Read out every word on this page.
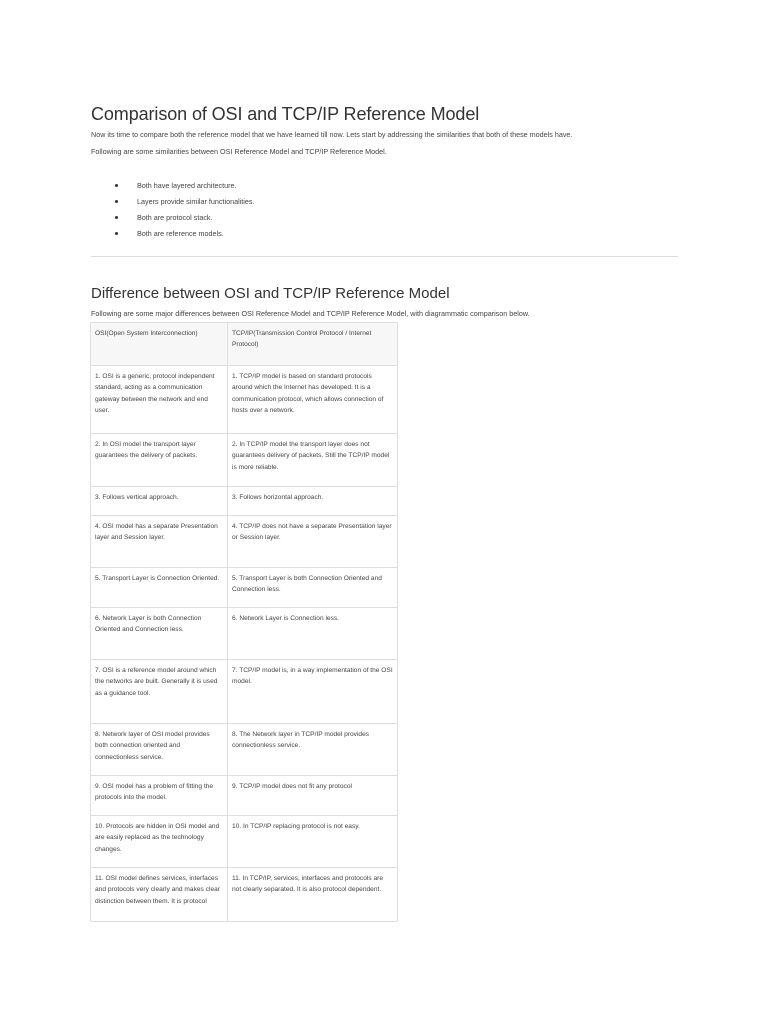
Comparison of OSI and TCP/IP Reference Model

Now its time to compare both the reference model that we have learned till now. Lets start by addressing the similarities that both of these models have.

Following are some similarities between OSI Reference Model and TCP/IP Reference Model.

Both have layered architecture.
Layers provide similar functionalities.
Both are protocol stack.
Both are reference models.
Difference between OSI and TCP/IP Reference Model

Following are some major differences between OSI Reference Model and TCP/IP Reference Model, with diagrammatic comparison below.

OSI(Open System Interconnection)	TCP/IP(Transmission Control Protocol / Internet Protocol)
1. OSI is a generic, protocol independent standard, acting as a communication gateway between the network and end user.	1. TCP/IP model is based on standard protocols around which the Internet has developed. It is a communication protocol, which allows connection of hosts over a network.
2. In OSI model the transport layer guarantees the delivery of packets.	2. In TCP/IP model the transport layer does not guarantees delivery of packets. Still the TCP/IP model is more reliable.
3. Follows vertical approach.	3. Follows horizontal approach.
4. OSI model has a separate Presentation layer and Session layer.	4. TCP/IP does not have a separate Presentation layer or Session layer.
5. Transport Layer is Connection Oriented.	5. Transport Layer is both Connection Oriented and Connection less.
6. Network Layer is both Connection Oriented and Connection less.	6. Network Layer is Connection less.
7. OSI is a reference model around which the networks are built. Generally it is used as a guidance tool.	7. TCP/IP model is, in a way implementation of the OSI model.
8. Network layer of OSI model provides both connection oriented and connectionless service.	8. The Network layer in TCP/IP model provides connectionless service.
9. OSI model has a problem of fitting the protocols into the model.	9. TCP/IP model does not fit any protocol
10. Protocols are hidden in OSI model and are easily replaced as the technology changes.	10. In TCP/IP replacing protocol is not easy.
11. OSI model defines services, interfaces and protocols very clearly and makes clear distinction between them. It is protocol	11. In TCP/IP, services, interfaces and protocols are not clearly separated. It is also protocol dependent.
